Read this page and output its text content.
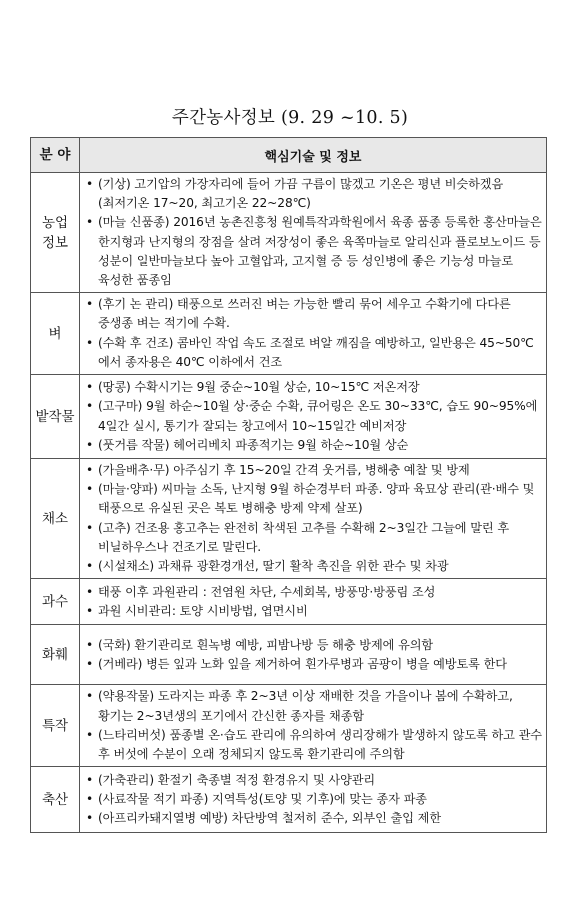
주간농사정보 (9. 29 ~10. 5)
분 야	핵심기술 및 정보

농업정보	• (기상) 고기압의 가장자리에 들어 가끔 구름이 많겠고 기온은 평년 비슷하겠음(최저기온 17~20, 최고기온 22~28℃)
• (마늘 신품종) 2016년 농촌진흥청 원예특작과학원에서 육종 품종 등록한 홍산마늘은 한지형과 난지형의 장점을 살려 저장성이 좋은 육쪽마늘로 알리신과 플로보노이드 등 성분이 일반마늘보다 높아 고혈압과, 고지혈 증 등 성인병에 좋은 기능성 마늘로 육성한 품종임

벼	• (후기 논 관리) 태풍으로 쓰러진 벼는 가능한 빨리 묶어 세우고 수확기에 다다른 중생종 벼는 적기에 수확.
• (수확 후 건조) 콤바인 작업 속도 조절로 벼알 깨짐을 예방하고, 일반용은 45~50℃에서 종자용은 40℃ 이하에서 건조

밭작물	• (땅콩) 수확시기는 9월 중순~10월 상순, 10~15℃ 저온저장
• (고구마) 9월 하순~10월 상·중순 수확, 큐어링은 온도 30~33℃, 습도 90~95%에 4일간 실시, 통기가 잘되는 창고에서 10~15일간 예비저장
• (풋거름 작물) 헤어리베치 파종적기는 9월 하순~10월 상순

채소	• (가을배추·무) 아주심기 후 15~20일 간격 웃거름, 병해충 예찰 및 방제
• (마늘·양파) 씨마늘 소독, 난지형 9월 하순경부터 파종. 양파 육묘상 관리(관·배수 및 태풍으로 유실된 곳은 복토 병해충 방제 약제 살포)
• (고추) 건조용 홍고추는 완전히 착색된 고추를 수확해 2~3일간 그늘에 말린 후 비닐하우스나 건조기로 말린다.
• (시설채소) 과채류 광환경개선, 딸기 활착 촉진을 위한 관수 및 차광

과수	• 태풍 이후 과원관리 : 전염원 차단, 수세회복, 방풍망·방풍림 조성
• 과원 시비관리: 토양 시비방법, 엽면시비

화훼	• (국화) 환기관리로 흰녹병 예방, 피밤나방 등 해충 방제에 유의함
• (거베라) 병든 잎과 노화 잎을 제거하여 흰가루병과 곰팡이 병을 예방토록 한다

특작	• (약용작물) 도라지는 파종 후 2~3년 이상 재배한 것을 가을이나 봄에 수확하고, 황기는 2~3년생의 포기에서 간신한 종자를 채종함
• (느타리버섯) 품종별 온·습도 관리에 유의하여 생리장해가 발생하지 않도록 하고 관수 후 버섯에 수분이 오래 정체되지 않도록 환기관리에 주의함

축산	• (가축관리) 환절기 축종별 적정 환경유지 및 사양관리
• (사료작물 적기 파종) 지역특성(토양 및 기후)에 맞는 종자 파종
• (아프리카돼지열병 예방) 차단방역 철저히 준수, 외부인 출입 제한
